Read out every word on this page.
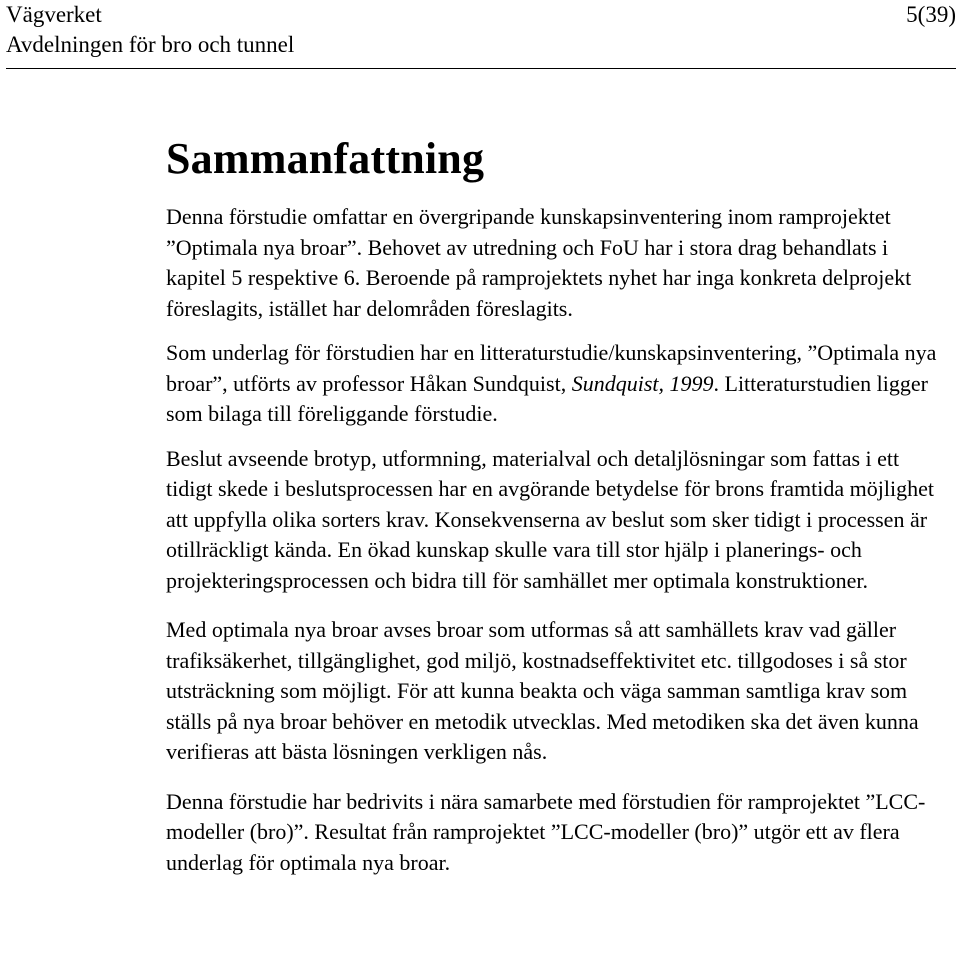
Vägverket
Avdelningen för bro och tunnel
5(39)
Sammanfattning

Denna förstudie omfattar en övergripande kunskapsinventering inom ramprojektet ”Optimala nya broar”. Behovet av utredning och FoU har i stora drag behandlats i kapitel 5 respektive 6. Beroende på ramprojektets nyhet har inga konkreta delprojekt föreslagits, istället har delområden föreslagits.

Som underlag för förstudien har en litteraturstudie/kunskapsinventering, ”Optimala nya broar”, utförts av professor Håkan Sundquist, Sundquist, 1999. Litteraturstudien ligger som bilaga till föreliggande förstudie.

Beslut avseende brotyp, utformning, materialval och detaljlösningar som fattas i ett tidigt skede i beslutsprocessen har en avgörande betydelse för brons framtida möjlighet att uppfylla olika sorters krav. Konsekvenserna av beslut som sker tidigt i processen är otillräckligt kända. En ökad kunskap skulle vara till stor hjälp i planerings- och projekteringsprocessen och bidra till för samhället mer optimala konstruktioner.

Med optimala nya broar avses broar som utformas så att samhällets krav vad gäller trafiksäkerhet, tillgänglighet, god miljö, kostnadseffektivitet etc. tillgodoses i så stor utsträckning som möjligt. För att kunna beakta och väga samman samtliga krav som ställs på nya broar behöver en metodik utvecklas. Med metodiken ska det även kunna verifieras att bästa lösningen verkligen nås.

Denna förstudie har bedrivits i nära samarbete med förstudien för ramprojektet ”LCC-modeller (bro)”. Resultat från ramprojektet ”LCC-modeller (bro)” utgör ett av flera underlag för optimala nya broar.
